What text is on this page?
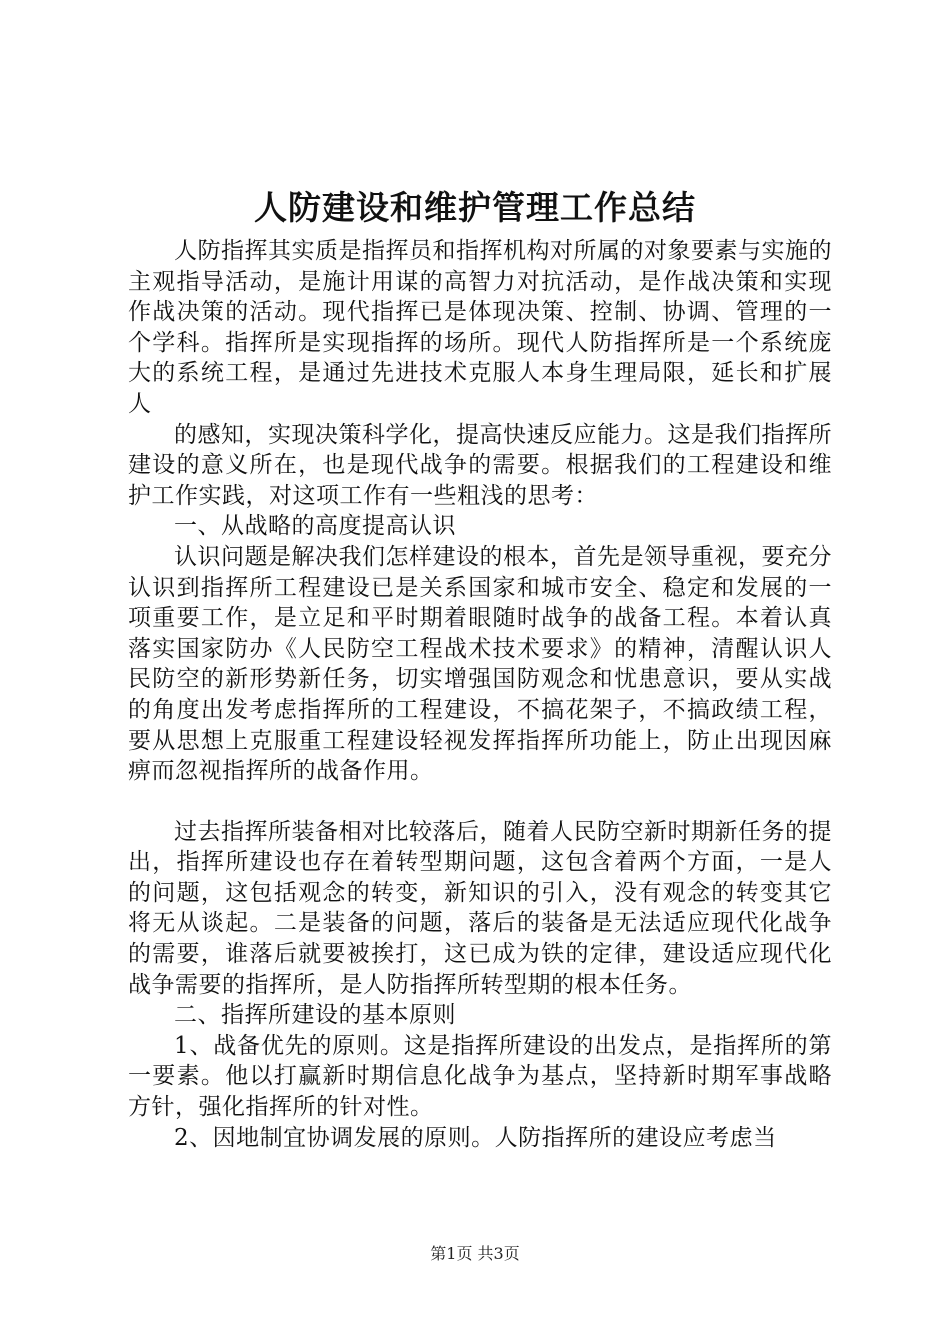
人防建设和维护管理工作总结

人防指挥其实质是指挥员和指挥机构对所属的对象要素与实施的主观指导活动，是施计用谋的高智力对抗活动，是作战决策和实现作战决策的活动。现代指挥已是体现决策、控制、协调、管理的一个学科。指挥所是实现指挥的场所。现代人防指挥所是一个系统庞大的系统工程，是通过先进技术克服人本身生理局限，延长和扩展人

的感知，实现决策科学化，提高快速反应能力。这是我们指挥所建设的意义所在，也是现代战争的需要。根据我们的工程建设和维护工作实践，对这项工作有一些粗浅的思考：

一、从战略的高度提高认识

认识问题是解决我们怎样建设的根本，首先是领导重视，要充分认识到指挥所工程建设已是关系国家和城市安全、稳定和发展的一项重要工作，是立足和平时期着眼随时战争的战备工程。本着认真落实国家防办《人民防空工程战术技术要求》的精神，清醒认识人民防空的新形势新任务，切实增强国防观念和忧患意识，要从实战的角度出发考虑指挥所的工程建设，不搞花架子，不搞政绩工程，要从思想上克服重工程建设轻视发挥指挥所功能上，防止出现因麻痹而忽视指挥所的战备作用。

过去指挥所装备相对比较落后，随着人民防空新时期新任务的提出，指挥所建设也存在着转型期问题，这包含着两个方面，一是人的问题，这包括观念的转变，新知识的引入，没有观念的转变其它将无从谈起。二是装备的问题，落后的装备是无法适应现代化战争的需要，谁落后就要被挨打，这已成为铁的定律，建设适应现代化战争需要的指挥所，是人防指挥所转型期的根本任务。

二、指挥所建设的基本原则

1、战备优先的原则。这是指挥所建设的出发点，是指挥所的第一要素。他以打赢新时期信息化战争为基点，坚持新时期军事战略方针，强化指挥所的针对性。

2、因地制宜协调发展的原则。人防指挥所的建设应考虑当

第1页 共3页
